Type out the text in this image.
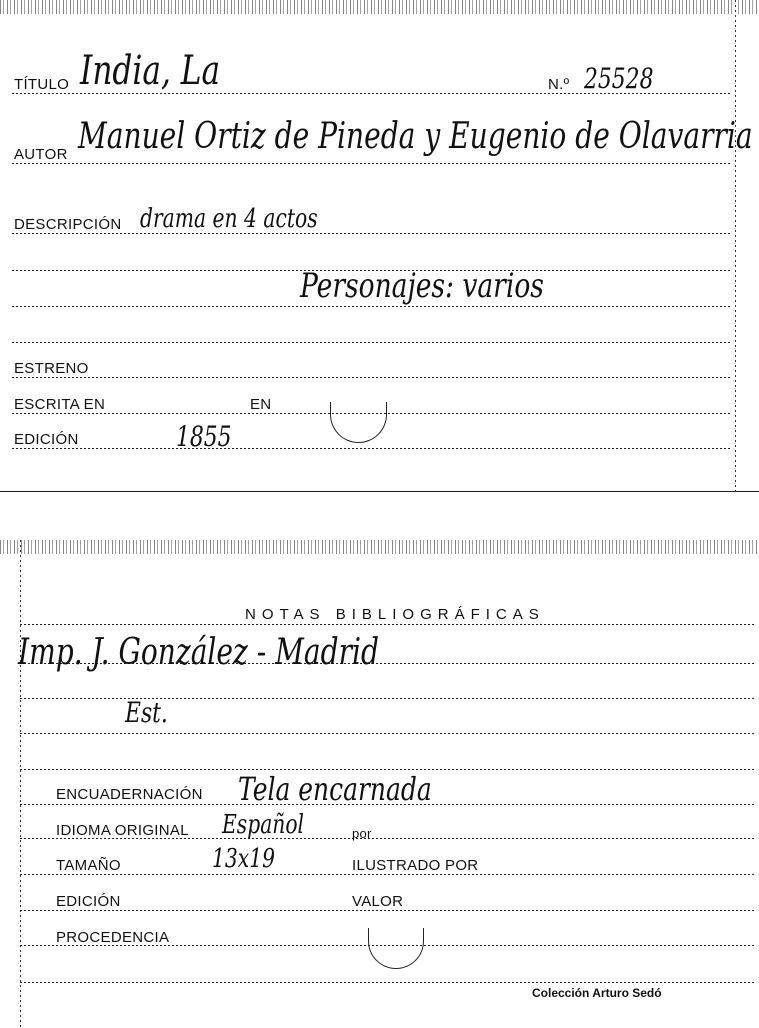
TÍTULO India, La	N.º 25528
AUTOR Manuel Ortiz de Pineda y Eugenio de Olavarria
DESCRIPCIÓN drama en 4 actos
Personajes: varios
ESTRENO
ESCRITA EN	EN
EDICIÓN	1855
NOTAS BIBLIOGRÁFICAS
Imp. J. González - Madrid
Est.
ENCUADERNACIÓN Tela encarnada
IDIOMA ORIGINAL Español	por
TAMAÑO	13x19	ILUSTRADO POR
EDICIÓN	VALOR
PROCEDENCIA
Colección Arturo Sedó
